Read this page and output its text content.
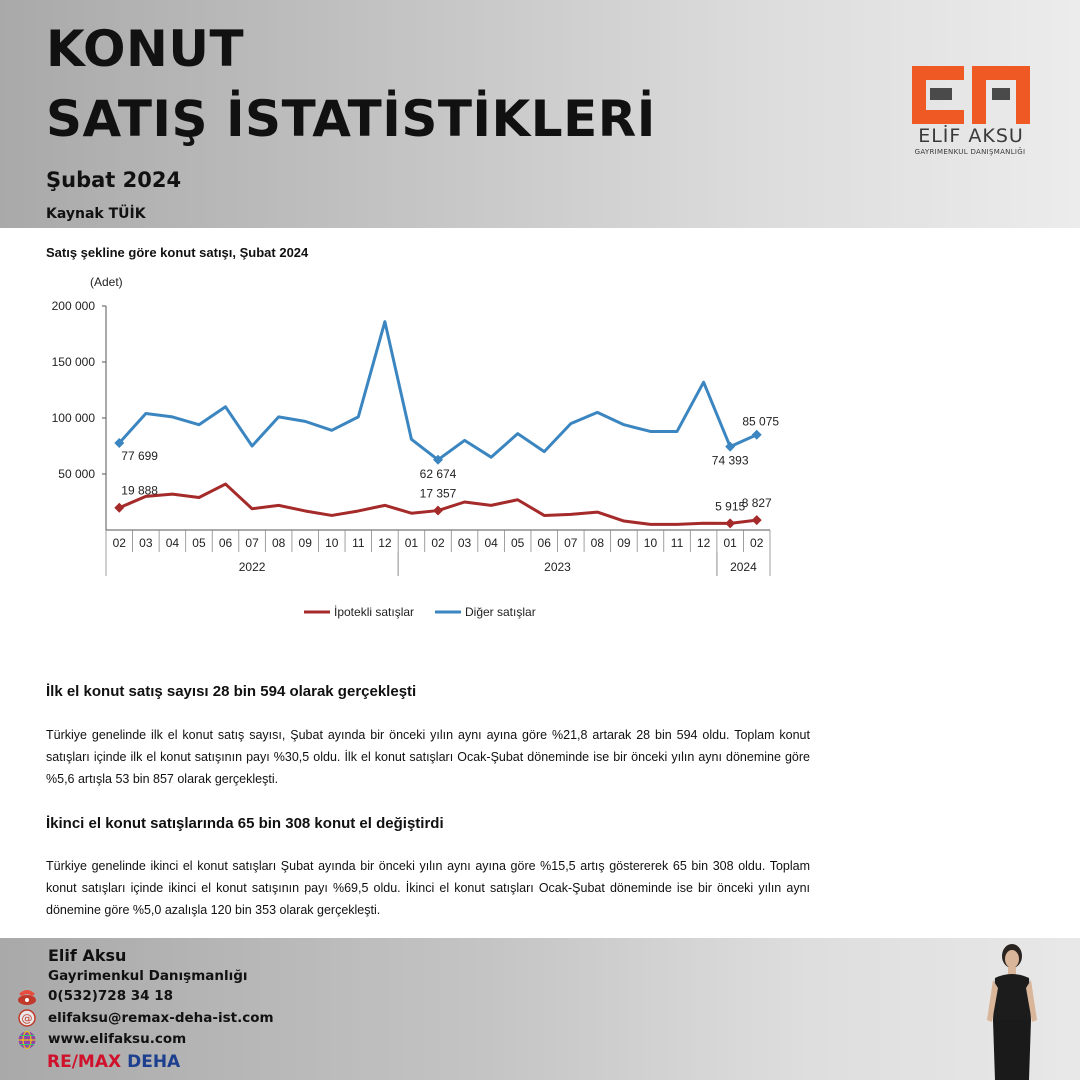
KONUT
SATIŞ İSTATİSTİKLERİ
Şubat 2024
Kaynak TÜİK
ELİF AKSU
GAYRIMENKUL DANIŞMANLIĞI
Satış şekline göre konut satışı, Şubat 2024
(Adet)
200 000
150 000
100 000
50 000
02 03 04 05 06 07 08 09 10 11 12 01 02 03 04 05 06 07 08 09 10 11 12 01 02
2022	2023	2024
19 888	17 357
5 915
8 827
77 699
62 674
74 393
85 075
İpotekli satışlar	Diğer satışlar
İlk el konut satış sayısı 28 bin 594 olarak gerçekleşti
Türkiye genelinde ilk el konut satış sayısı, Şubat ayında bir önceki yılın aynı ayına göre %21,8 artarak 28 bin 594 oldu. Toplam konut satışları içinde ilk el konut satışının payı %30,5 oldu. İlk el konut satışları Ocak-Şubat döneminde ise bir önceki yılın aynı dönemine göre %5,6 artışla 53 bin 857 olarak gerçekleşti.
İkinci el konut satışlarında 65 bin 308 konut el değiştirdi
Türkiye genelinde ikinci el konut satışları Şubat ayında bir önceki yılın aynı ayına göre %15,5 artış göstererek 65 bin 308 oldu. Toplam konut satışları içinde ikinci el konut satışının payı %69,5 oldu. İkinci el konut satışları Ocak-Şubat döneminde ise bir önceki yılın aynı dönemine göre %5,0 azalışla 120 bin 353 olarak gerçekleşti.
Elif Aksu
Gayrimenkul Danışmanlığı
0(532)728 34 18
@ elifaksu@remax-deha-ist.com
www.elifaksu.com
RE/MAX DEHA
